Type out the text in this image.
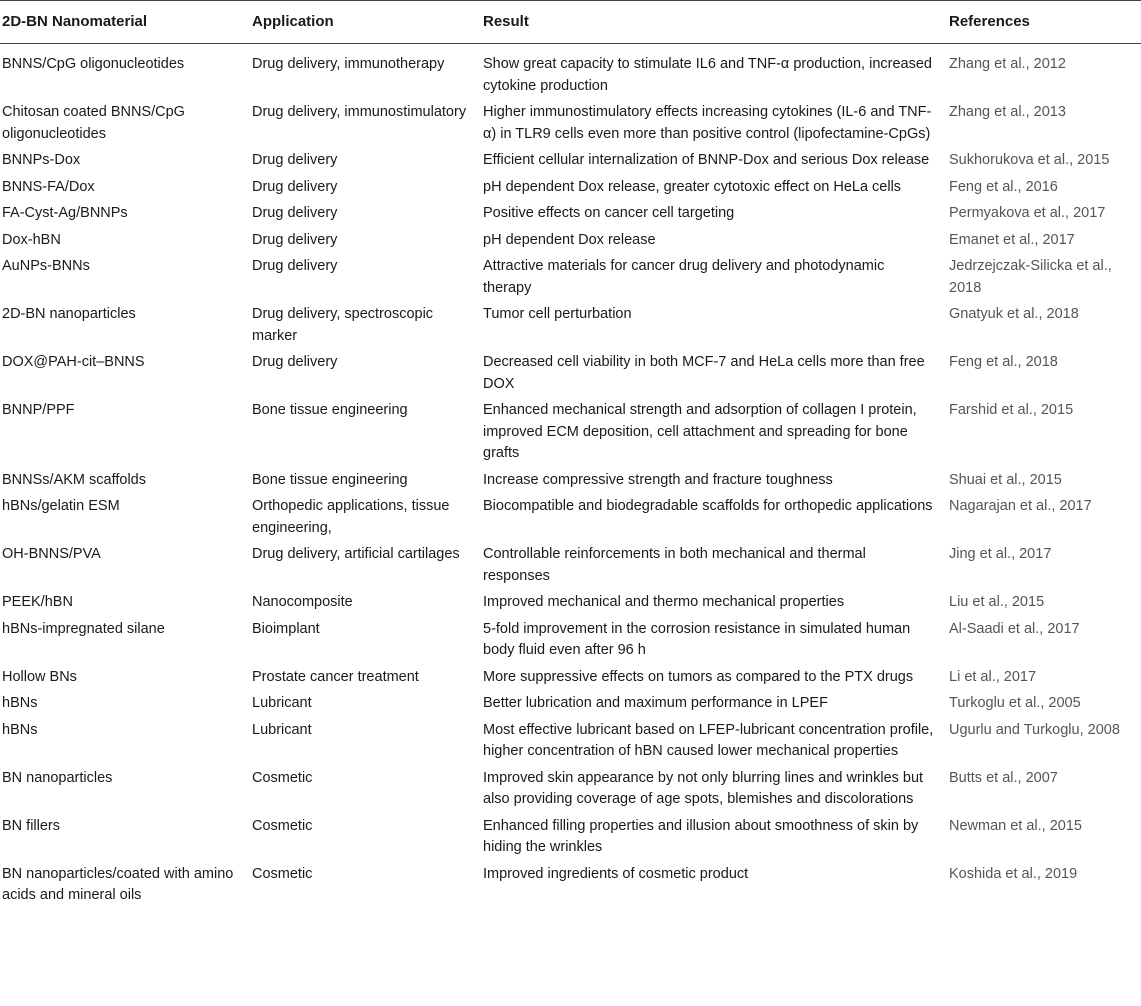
2D-BN Nanomaterial	Application	Result	References
BNNS/CpG oligonucleotides	Drug delivery, immunotherapy	Show great capacity to stimulate IL6 and TNF-α production, increased cytokine production	Zhang et al., 2012
Chitosan coated BNNS/CpG oligonucleotides	Drug delivery, immunostimulatory	Higher immunostimulatory effects increasing cytokines (IL-6 and TNF-α) in TLR9 cells even more than positive control (lipofectamine-CpGs)	Zhang et al., 2013
BNNPs-Dox	Drug delivery	Efficient cellular internalization of BNNP-Dox and serious Dox release	Sukhorukova et al., 2015
BNNS-FA/Dox	Drug delivery	pH dependent Dox release, greater cytotoxic effect on HeLa cells	Feng et al., 2016
FA-Cyst-Ag/BNNPs	Drug delivery	Positive effects on cancer cell targeting	Permyakova et al., 2017
Dox-hBN	Drug delivery	pH dependent Dox release	Emanet et al., 2017
AuNPs-BNNs	Drug delivery	Attractive materials for cancer drug delivery and photodynamic therapy	Jedrzejczak-Silicka et al., 2018
2D-BN nanoparticles	Drug delivery, spectroscopic marker	Tumor cell perturbation	Gnatyuk et al., 2018
DOX@PAH-cit–BNNS	Drug delivery	Decreased cell viability in both MCF-7 and HeLa cells more than free DOX	Feng et al., 2018
BNNP/PPF	Bone tissue engineering	Enhanced mechanical strength and adsorption of collagen I protein, improved ECM deposition, cell attachment and spreading for bone grafts	Farshid et al., 2015
BNNSs/AKM scaffolds	Bone tissue engineering	Increase compressive strength and fracture toughness	Shuai et al., 2015
hBNs/gelatin ESM	Orthopedic applications, tissue engineering,	Biocompatible and biodegradable scaffolds for orthopedic applications	Nagarajan et al., 2017
OH-BNNS/PVA	Drug delivery, artificial cartilages	Controllable reinforcements in both mechanical and thermal responses	Jing et al., 2017
PEEK/hBN	Nanocomposite	Improved mechanical and thermo mechanical properties	Liu et al., 2015
hBNs-impregnated silane	Bioimplant	5-fold improvement in the corrosion resistance in simulated human body fluid even after 96 h	Al-Saadi et al., 2017
Hollow BNs	Prostate cancer treatment	More suppressive effects on tumors as compared to the PTX drugs	Li et al., 2017
hBNs	Lubricant	Better lubrication and maximum performance in LPEF	Turkoglu et al., 2005
hBNs	Lubricant	Most effective lubricant based on LFEP-lubricant concentration profile, higher concentration of hBN caused lower mechanical properties	Ugurlu and Turkoglu, 2008
BN nanoparticles	Cosmetic	Improved skin appearance by not only blurring lines and wrinkles but also providing coverage of age spots, blemishes and discolorations	Butts et al., 2007
BN fillers	Cosmetic	Enhanced filling properties and illusion about smoothness of skin by hiding the wrinkles	Newman et al., 2015
BN nanoparticles/coated with amino acids and mineral oils	Cosmetic	Improved ingredients of cosmetic product	Koshida et al., 2019
